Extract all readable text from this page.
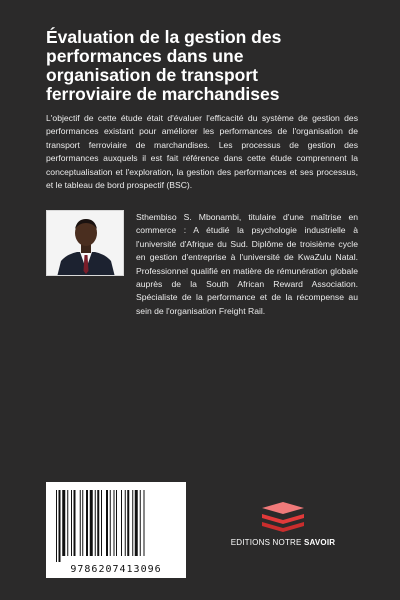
Évaluation de la gestion des performances dans une organisation de transport ferroviaire de marchandises

L'objectif de cette étude était d'évaluer l'efficacité du système de gestion des performances existant pour améliorer les performances de l'organisation de transport ferroviaire de marchandises. Les processus de gestion des performances auxquels il est fait référence dans cette étude comprennent la conceptualisation et l'exploration, la gestion des performances et ses processus, et le tableau de bord prospectif (BSC).

Sthembiso S. Mbonambi, titulaire d'une maîtrise en commerce : A étudié la psychologie industrielle à l'université d'Afrique du Sud. Diplôme de troisième cycle en gestion d'entreprise à l'université de KwaZulu Natal. Professionnel qualifié en matière de rémunération globale auprès de la South African Reward Association. Spécialiste de la performance et de la récompense au sein de l'organisation Freight Rail.

9786207413096
EDITIONS NOTRE SAVOIR
